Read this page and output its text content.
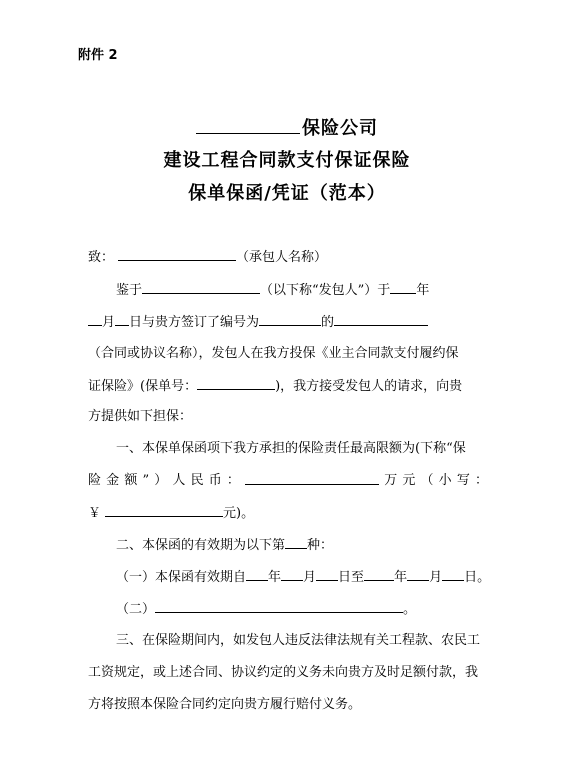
附件 2
保险公司
建设工程合同款支付保证保险
保单保函/凭证（范本）
致：	（承包人名称）
鉴于	（以下称“发包人”）于 年
月 日与贵方签订了编号为	的
（合同或协议名称），发包人在我方投保《业主合同款支付履约保
证保险》(保单号：	)，我方接受发包人的请求，向贵
方提供如下担保：
一、本保单保函项下我方承担的保险责任最高限额为(下称“保
险 金 额 ” ） 人 民 币 ：	万 元 （ 小 写 ：
￥	元)。
二、本保函的有效期为以下第 种：
（一）本保函有效期自 年 月 日至 年 月 日。
（二）	。
三、在保险期间内，如发包人违反法律法规有关工程款、农民工
工资规定，或上述合同、协议约定的义务未向贵方及时足额付款，我
方将按照本保险合同约定向贵方履行赔付义务。
